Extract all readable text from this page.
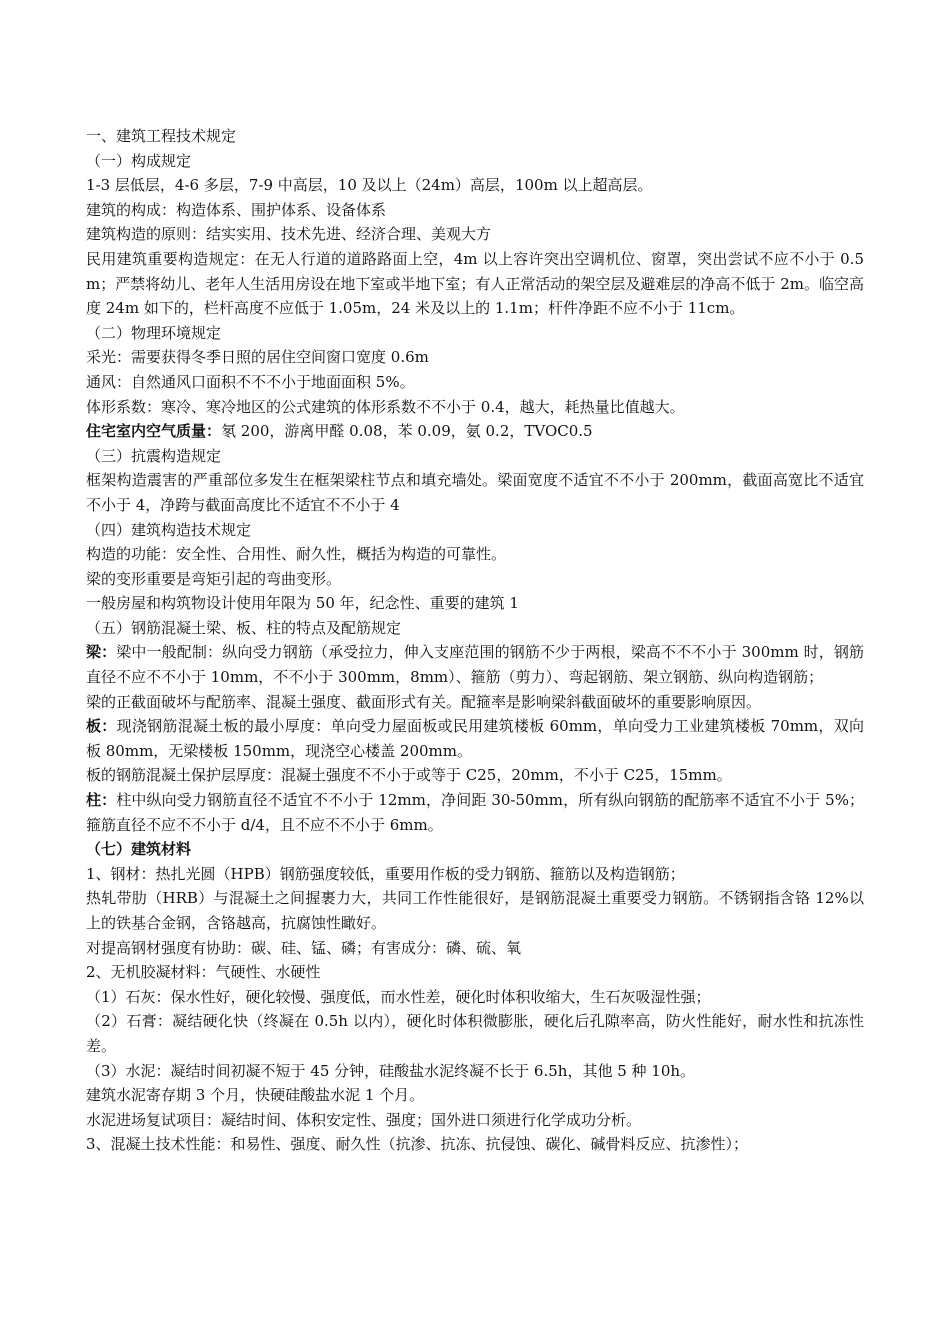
一、建筑工程技术规定

（一）构成规定

1-3 层低层，4-6 多层，7-9 中高层，10 及以上（24m）高层，100m 以上超高层。

建筑的构成：构造体系、围护体系、设备体系

建筑构造的原则：结实实用、技术先进、经济合理、美观大方

民用建筑重要构造规定：在无人行道的道路路面上空，4m 以上容许突出空调机位、窗罩，突出尝试不应不小于 0.5m；严禁将幼儿、老年人生活用房设在地下室或半地下室；有人正常活动的架空层及避难层的净高不低于 2m。临空高度 24m 如下的，栏杆高度不应低于 1.05m，24 米及以上的 1.1m；杆件净距不应不小于 11cm。

（二）物理环境规定

采光：需要获得冬季日照的居住空间窗口宽度 0.6m

通风：自然通风口面积不不不小于地面面积 5%。

体形系数：寒冷、寒冷地区的公式建筑的体形系数不不小于 0.4，越大，耗热量比值越大。

住宅室内空气质量：氡 200，游离甲醛 0.08，苯 0.09，氨 0.2，TVOC0.5

（三）抗震构造规定

框架构造震害的严重部位多发生在框架梁柱节点和填充墙处。梁面宽度不适宜不不小于 200mm，截面高宽比不适宜不小于 4，净跨与截面高度比不适宜不不小于 4

（四）建筑构造技术规定

构造的功能：安全性、合用性、耐久性，概括为构造的可靠性。

梁的变形重要是弯矩引起的弯曲变形。

一般房屋和构筑物设计使用年限为 50 年，纪念性、重要的建筑 1

（五）钢筋混凝土梁、板、柱的特点及配筋规定

梁：梁中一般配制：纵向受力钢筋（承受拉力，伸入支座范围的钢筋不少于两根，梁高不不不小于 300mm 时，钢筋直径不应不不小于 10mm，不不小于 300mm，8mm）、箍筋（剪力）、弯起钢筋、架立钢筋、纵向构造钢筋；

梁的正截面破坏与配筋率、混凝土强度、截面形式有关。配箍率是影响梁斜截面破坏的重要影响原因。

板：现浇钢筋混凝土板的最小厚度：单向受力屋面板或民用建筑楼板 60mm，单向受力工业建筑楼板 70mm，双向板 80mm，无梁楼板 150mm，现浇空心楼盖 200mm。

板的钢筋混凝土保护层厚度：混凝土强度不不小于或等于 C25，20mm，不小于 C25，15mm。

柱：柱中纵向受力钢筋直径不适宜不不小于 12mm，净间距 30-50mm，所有纵向钢筋的配筋率不适宜不小于 5%；箍筋直径不应不不小于 d/4，且不应不不小于 6mm。

（七）建筑材料

1、钢材：热扎光圆（HPB）钢筋强度较低，重要用作板的受力钢筋、箍筋以及构造钢筋；

热轧带肋（HRB）与混凝土之间握裹力大，共同工作性能很好，是钢筋混凝土重要受力钢筋。不锈钢指含铬 12%以上的铁基合金钢，含铬越高，抗腐蚀性瞰好。

对提高钢材强度有协助：碳、硅、锰、磷；有害成分：磷、硫、氧

2、无机胶凝材料：气硬性、水硬性

（1）石灰：保水性好，硬化较慢、强度低，而水性差，硬化时体积收缩大，生石灰吸湿性强；

（2）石膏：凝结硬化快（终凝在 0.5h 以内），硬化时体积微膨胀，硬化后孔隙率高，防火性能好，耐水性和抗冻性差。

（3）水泥：凝结时间初凝不短于 45 分钟，硅酸盐水泥终凝不长于 6.5h，其他 5 种 10h。

建筑水泥寄存期 3 个月，快硬硅酸盐水泥 1 个月。

水泥进场复试项目：凝结时间、体积安定性、强度；国外进口须进行化学成功分析。

3、混凝土技术性能：和易性、强度、耐久性（抗渗、抗冻、抗侵蚀、碳化、碱骨料反应、抗渗性）；
